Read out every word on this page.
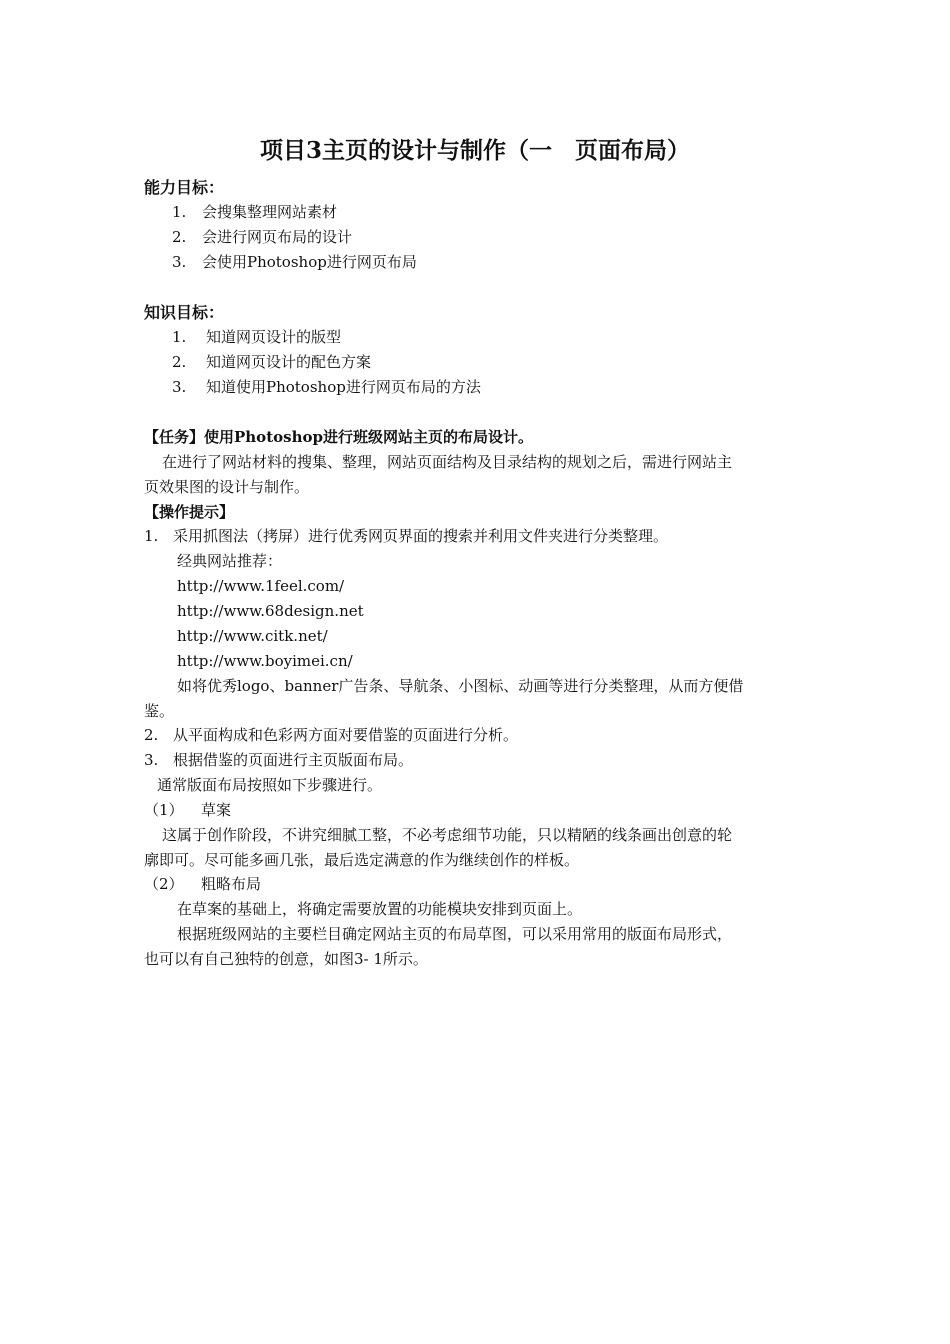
项目3主页的设计与制作（一　页面布局）
能力目标：
1. 会搜集整理网站素材
2. 会进行网页布局的设计
3. 会使用Photoshop进行网页布局
知识目标：
1. 知道网页设计的版型
2. 知道网页设计的配色方案
3. 知道使用Photoshop进行网页布局的方法
【任务】使用Photoshop进行班级网站主页的布局设计。
在进行了网站材料的搜集、整理，网站页面结构及目录结构的规划之后，需进行网站主
页效果图的设计与制作。
【操作提示】
1. 采用抓图法（拷屏）进行优秀网页界面的搜索并利用文件夹进行分类整理。
经典网站推荐：
http://www.1feel.com/
http://www.68design.net
http://www.citk.net/
http://www.boyimei.cn/
如将优秀logo、banner广告条、导航条、小图标、动画等进行分类整理，从而方便借
鉴。
2. 从平面构成和色彩两方面对要借鉴的页面进行分析。
3. 根据借鉴的页面进行主页版面布局。
通常版面布局按照如下步骤进行。
（1） 草案
这属于创作阶段，不讲究细腻工整，不必考虑细节功能，只以精陋的线条画出创意的轮
廓即可。尽可能多画几张，最后选定满意的作为继续创作的样板。
（2） 粗略布局
在草案的基础上，将确定需要放置的功能模块安排到页面上。
根据班级网站的主要栏目确定网站主页的布局草图，可以采用常用的版面布局形式，
也可以有自己独特的创意，如图3- 1所示。
